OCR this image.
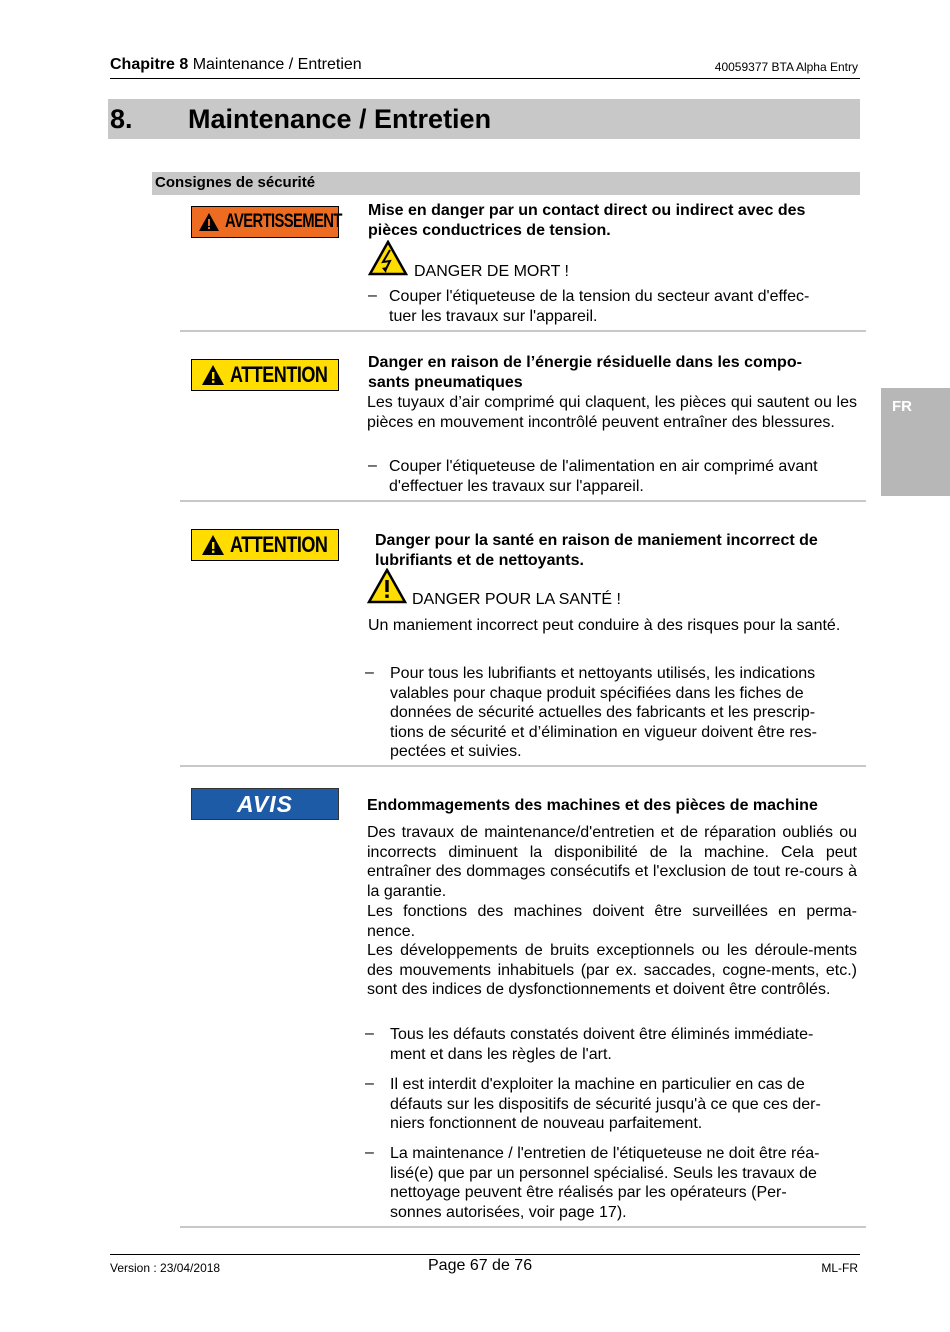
Chapitre 8 Maintenance / Entretien	40059377 BTA Alpha Entry
8. Maintenance / Entretien
Consignes de sécurité
FR
AVERTISSEMENT
Mise en danger par un contact direct ou indirect avec des
pièces conductrices de tension.
DANGER DE MORT !
– Couper l'étiqueteuse de la tension du secteur avant d'effec-
tuer les travaux sur l'appareil.
ATTENTION	Danger en raison de l’énergie résiduelle dans les compo-
sants pneumatiques
Les tuyaux d’air comprimé qui claquent, les pièces qui sautent ou les pièces en mouvement incontrôlé peuvent entraîner des blessures.
– Couper l'étiqueteuse de l'alimentation en air comprimé avant
d'effectuer les travaux sur l'appareil.
ATTENTION	Danger pour la santé en raison de maniement incorrect de
lubrifiants et de nettoyants.
DANGER POUR LA SANTÉ !
Un maniement incorrect peut conduire à des risques pour la santé.
– Pour tous les lubrifiants et nettoyants utilisés, les indications
valables pour chaque produit spécifiées dans les fiches de
données de sécurité actuelles des fabricants et les prescrip-
tions de sécurité et d’élimination en vigueur doivent être res-
pectées et suivies.
AVIS	Endommagements des machines et des pièces de machine
Des travaux de maintenance/d'entretien et de réparation oubliés ou incorrects diminuent la disponibilité de la machine. Cela peut entraîner des dommages consécutifs et l'exclusion de tout re-cours à la garantie.
Les fonctions des machines doivent être surveillées en perma-nence.
Les développements de bruits exceptionnels ou les déroule-ments des mouvements inhabituels (par ex. saccades, cogne-ments, etc.) sont des indices de dysfonctionnements et doivent être contrôlés.
– Tous les défauts constatés doivent être éliminés immédiate-
ment et dans les règles de l'art.
– Il est interdit d'exploiter la machine en particulier en cas de
défauts sur les dispositifs de sécurité jusqu'à ce que ces der-
niers fonctionnent de nouveau parfaitement.
– La maintenance / l'entretien de l'étiqueteuse ne doit être réa-
lisé(e) que par un personnel spécialisé. Seuls les travaux de
nettoyage peuvent être réalisés par les opérateurs (Per-
sonnes autorisées, voir page 17).
Version : 23/04/2018	Page 67 de 76	ML-FR
